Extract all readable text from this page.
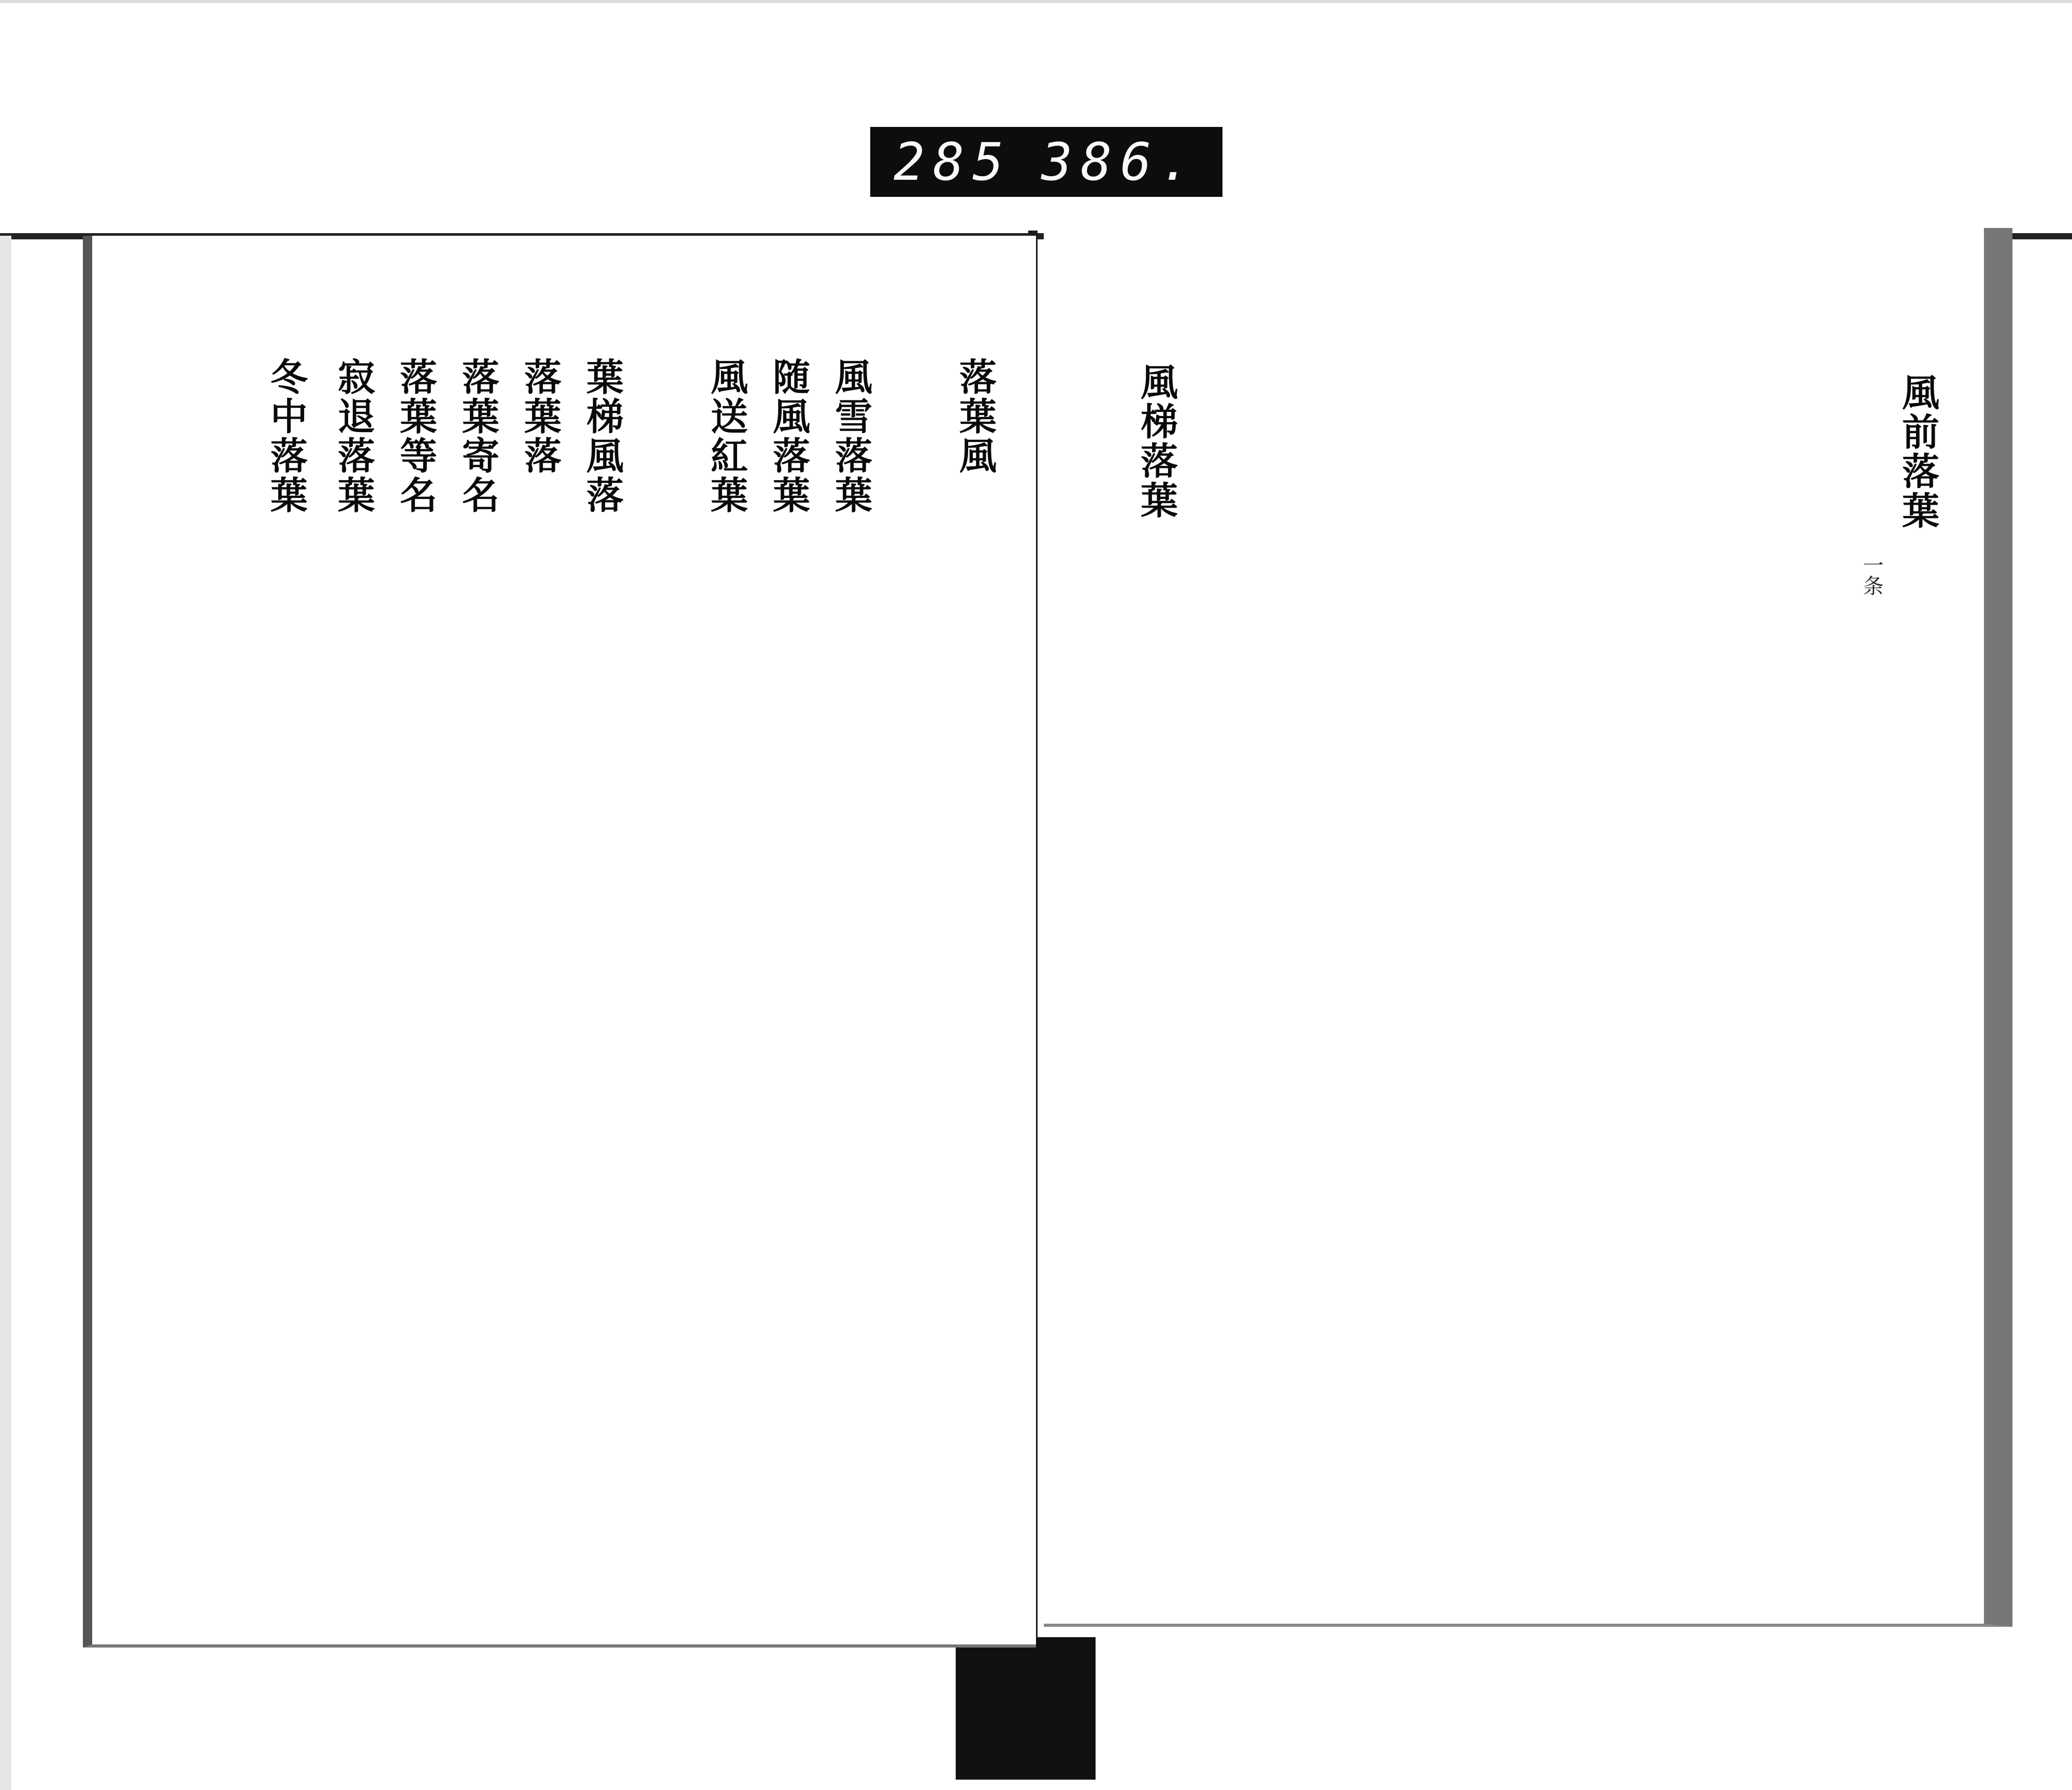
285 386.
風前落葉
一条
風梯落葉
落葉風
風雪落葉
随風落葉
風送紅葉
葉梯風落
落葉落
落葉寄名
落葉等名
寂退落葉
冬中落葉
